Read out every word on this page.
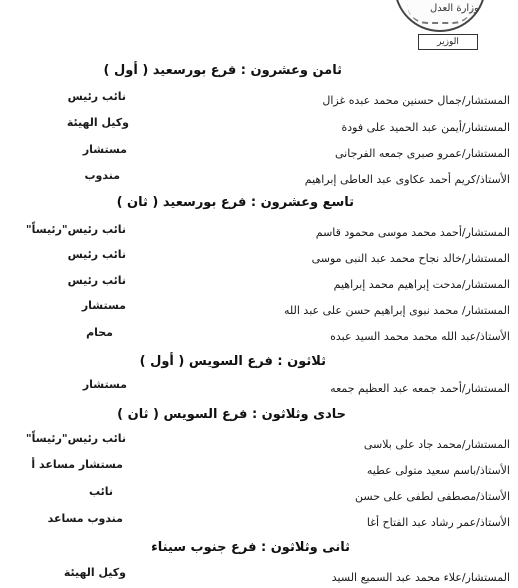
وزارة العدل
الوزير
ثامن وعشرون : فرع بورسعيد ( أول )
المستشار/جمال حسنين محمد عبده غزال
نائب رئيس
المستشار/أيمن عبد الحميد على فودة
وكيل الهيئة
المستشار/عمرو صبرى جمعه الفرجانى
مستشار
الأستاذ/كريم أحمد عكاوى عبد العاطى إبراهيم
مندوب
تاسع وعشرون : فرع بورسعيد ( ثان )
المستشار/أحمد محمد موسى محمود قاسم
نائب رئيس"رئيساً"
المستشار/خالد نجاح محمد عبد النبى موسى
نائب رئيس
المستشار/مدحت إبراهيم محمد إبراهيم
نائب رئيس
المستشار/ محمد نبوى إبراهيم حسن على عبد الله
مستشار
الأستاذ/عبد الله محمد محمد السيد عبده
محام
ثلاثون : فرع السويس ( أول )
المستشار/أحمد جمعه عبد العظيم جمعه
مستشار
حادى وثلاثون : فرع السويس ( ثان )
المستشار/محمد جاد على بلاسى
نائب رئيس"رئيساً"
الأستاذ/باسم سعيد متولى عطيه
مستشار مساعد أ
الأستاذ/مصطفى لطفى على حسن
نائب
الأستاذ/عمر رشاد عبد الفتاح أغا
مندوب مساعد
ثانى وثلاثون : فرع جنوب سيناء
المستشار/علاء محمد عبد السميع السيد
وكيل الهيئة
